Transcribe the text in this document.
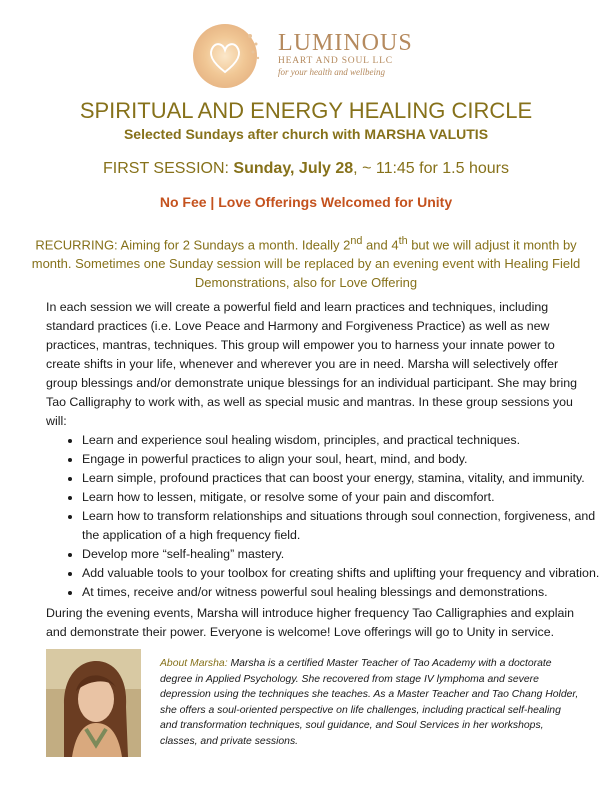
LUMINOUS
HEART AND SOUL LLC
for your health and wellbeing
SPIRITUAL AND ENERGY HEALING CIRCLE
Selected Sundays after church with MARSHA VALUTIS
FIRST SESSION: Sunday, July 28, ~ 11:45 for 1.5 hours
No Fee | Love Offerings Welcomed for Unity
RECURRING: Aiming for 2 Sundays a month. Ideally 2nd and 4th but we will adjust it month by month. Sometimes one Sunday session will be replaced by an evening event with Healing Field Demonstrations, also for Love Offering
In each session we will create a powerful field and learn practices and techniques, including standard practices (i.e. Love Peace and Harmony and Forgiveness Practice) as well as new practices, mantras, techniques. This group will empower you to harness your innate power to create shifts in your life, whenever and wherever you are in need. Marsha will selectively offer group blessings and/or demonstrate unique blessings for an individual participant. She may bring Tao Calligraphy to work with, as well as special music and mantras. In these group sessions you will:
• Learn and experience soul healing wisdom, principles, and practical techniques.
• Engage in powerful practices to align your soul, heart, mind, and body.
• Learn simple, profound practices that can boost your energy, stamina, vitality, and immunity.
• Learn how to lessen, mitigate, or resolve some of your pain and discomfort.
• Learn how to transform relationships and situations through soul connection, forgiveness, and the application of a high frequency field.
• Develop more “self-healing” mastery.
• Add valuable tools to your toolbox for creating shifts and uplifting your frequency and vibration.
• At times, receive and/or witness powerful soul healing blessings and demonstrations.
During the evening events, Marsha will introduce higher frequency Tao Calligraphies and explain and demonstrate their power. Everyone is welcome! Love offerings will go to Unity in service.
About Marsha: Marsha is a certified Master Teacher of Tao Academy with a doctorate degree in Applied Psychology. She recovered from stage IV lymphoma and severe depression using the techniques she teaches. As a Master Teacher and Tao Chang Holder, she offers a soul-oriented perspective on life challenges, including practical self-healing and transformation techniques, soul guidance, and Soul Services in her workshops, classes, and private sessions.
